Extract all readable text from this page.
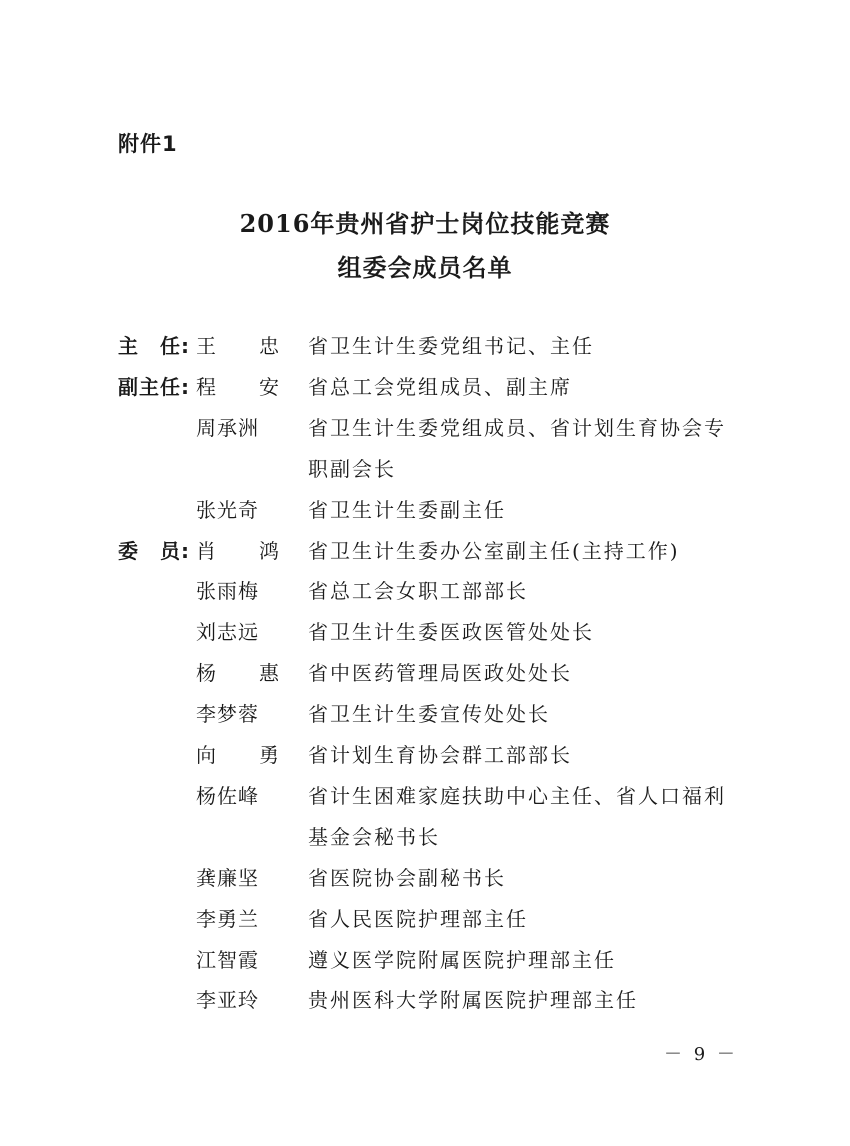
附件1
2016年贵州省护士岗位技能竞赛
组委会成员名单
主　任: 王　　忠 省卫生计生委党组书记、主任
副主任: 程　　安 省总工会党组成员、副主席
周承洲	省卫生计生委党组成员、省计划生育协会专
职副会长
张光奇	省卫生计生委副主任
委　员: 肖　　鸿 省卫生计生委办公室副主任(主持工作)
张雨梅	省总工会女职工部部长
刘志远	省卫生计生委医政医管处处长
杨　　惠 省中医药管理局医政处处长
李梦蓉	省卫生计生委宣传处处长
向　　勇 省计划生育协会群工部部长
杨佐峰	省计生困难家庭扶助中心主任、省人口福利
基金会秘书长
龚廉坚	省医院协会副秘书长
李勇兰	省人民医院护理部主任
江智霞	遵义医学院附属医院护理部主任
李亚玲	贵州医科大学附属医院护理部主任
－ 9 －
